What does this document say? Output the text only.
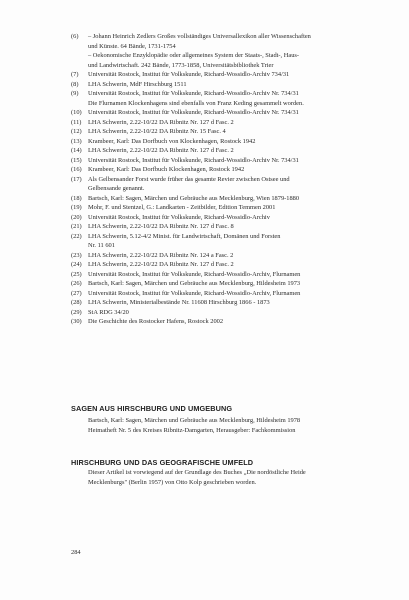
(6)	– Johann Heinrich Zedlers Großes vollständiges Universallexikon aller Wissenschaften
und Künste. 64 Bände, 1731-1754
– Oekonomische Enzyklopädie oder allgemeines System der Staats-, Stadt-, Haus-
und Landwirtschaft. 242 Bände, 1773-1858, Universitätsbibliothek Trier
(7)	Universität Rostock, Institut für Volkskunde, Richard-Wossidlo-Archiv 734/31
(8)	LHA Schwerin, MdF Hirschburg 1511
(9)	Universität Rostock, Institut für Volkskunde, Richard-Wossidlo-Archiv Nr. 734/31
Die Flurnamen Klockenhagens sind ebenfalls von Franz Keding gesammelt worden.
(10) Universität Rostock, Institut für Volkskunde, Richard-Wossidlo-Archiv Nr. 734/31
(11)	LHA Schwerin, 2.22-10/22 DA Ribnitz Nr. 127 d Fasc. 2
(12) LHA Schwerin, 2.22-10/22 DA Ribnitz Nr. 15 Fasc. 4
(13) Krambeer, Karl: Das Dorfbuch von Klockenhagen, Rostock 1942
(14) LHA Schwerin, 2.22-10/22 DA Ribnitz Nr. 127 d Fasc. 2
(15) Universität Rostock, Institut für Volkskunde, Richard-Wossidlo-Archiv Nr. 734/31
(16) Krambeer, Karl: Das Dorfbuch Klockenhagen, Rostock 1942
(17) Als Gelbensander Forst wurde früher das gesamte Revier zwischen Ostsee und
Gelbensande genannt.
(18) Bartsch, Karl: Sagen, Märchen und Gebräuche aus Mecklenburg, Wien 1879-1880
(19) Mohr, F. und Stentzel, G.: Landkarten - Zeitbilder, Edition Temmen 2001
(20) Universität Rostock, Institut für Volkskunde, Richard-Wossidlo-Archiv
(21) LHA Schwerin, 2.22-10/22 DA Ribnitz Nr. 127 d Fasc. 8
(22) LHA Schwerin, 5.12-4/2 Minist. für Landwirtschaft, Domänen und Forsten
Nr. 11 601
(23) LHA Schwerin, 2.22-10/22 DA Ribnitz Nr. 124 a Fasc. 2
(24) LHA Schwerin, 2.22-10/22 DA Ribnitz Nr. 127 d Fasc. 2
(25) Universität Rostock, Institut für Volkskunde, Richard-Wossidlo-Archiv, Flurnamen
(26) Bartsch, Karl: Sagen, Märchen und Gebräuche aus Mecklenburg, Hildesheim 1973
(27) Universität Rostock, Institut für Volkskunde, Richard-Wossidlo-Archiv, Flurnamen
(28) LHA Schwerin, Ministerialbestände Nr. 11608 Hirschburg 1866 - 1873
(29) StA RDG 34/20
(30) Die Geschichte des Rostocker Hafens, Rostock 2002
SAGEN AUS HIRSCHBURG UND UMGEBUNG
Bartsch, Karl: Sagen, Märchen und Gebräuche aus Mecklenburg, Hildesheim 1978
Heimatheft Nr. 5 des Kreises Ribnitz-Damgarten, Herausgeber: Fachkommission
HIRSCHBURG UND DAS GEOGRAFISCHE UMFELD
Dieser Artikel ist vorwiegend auf der Grundlage des Buches „Die nordöstliche Heide
Mecklenburgs" (Berlin 1957) von Otto Kolp geschrieben worden.
284
